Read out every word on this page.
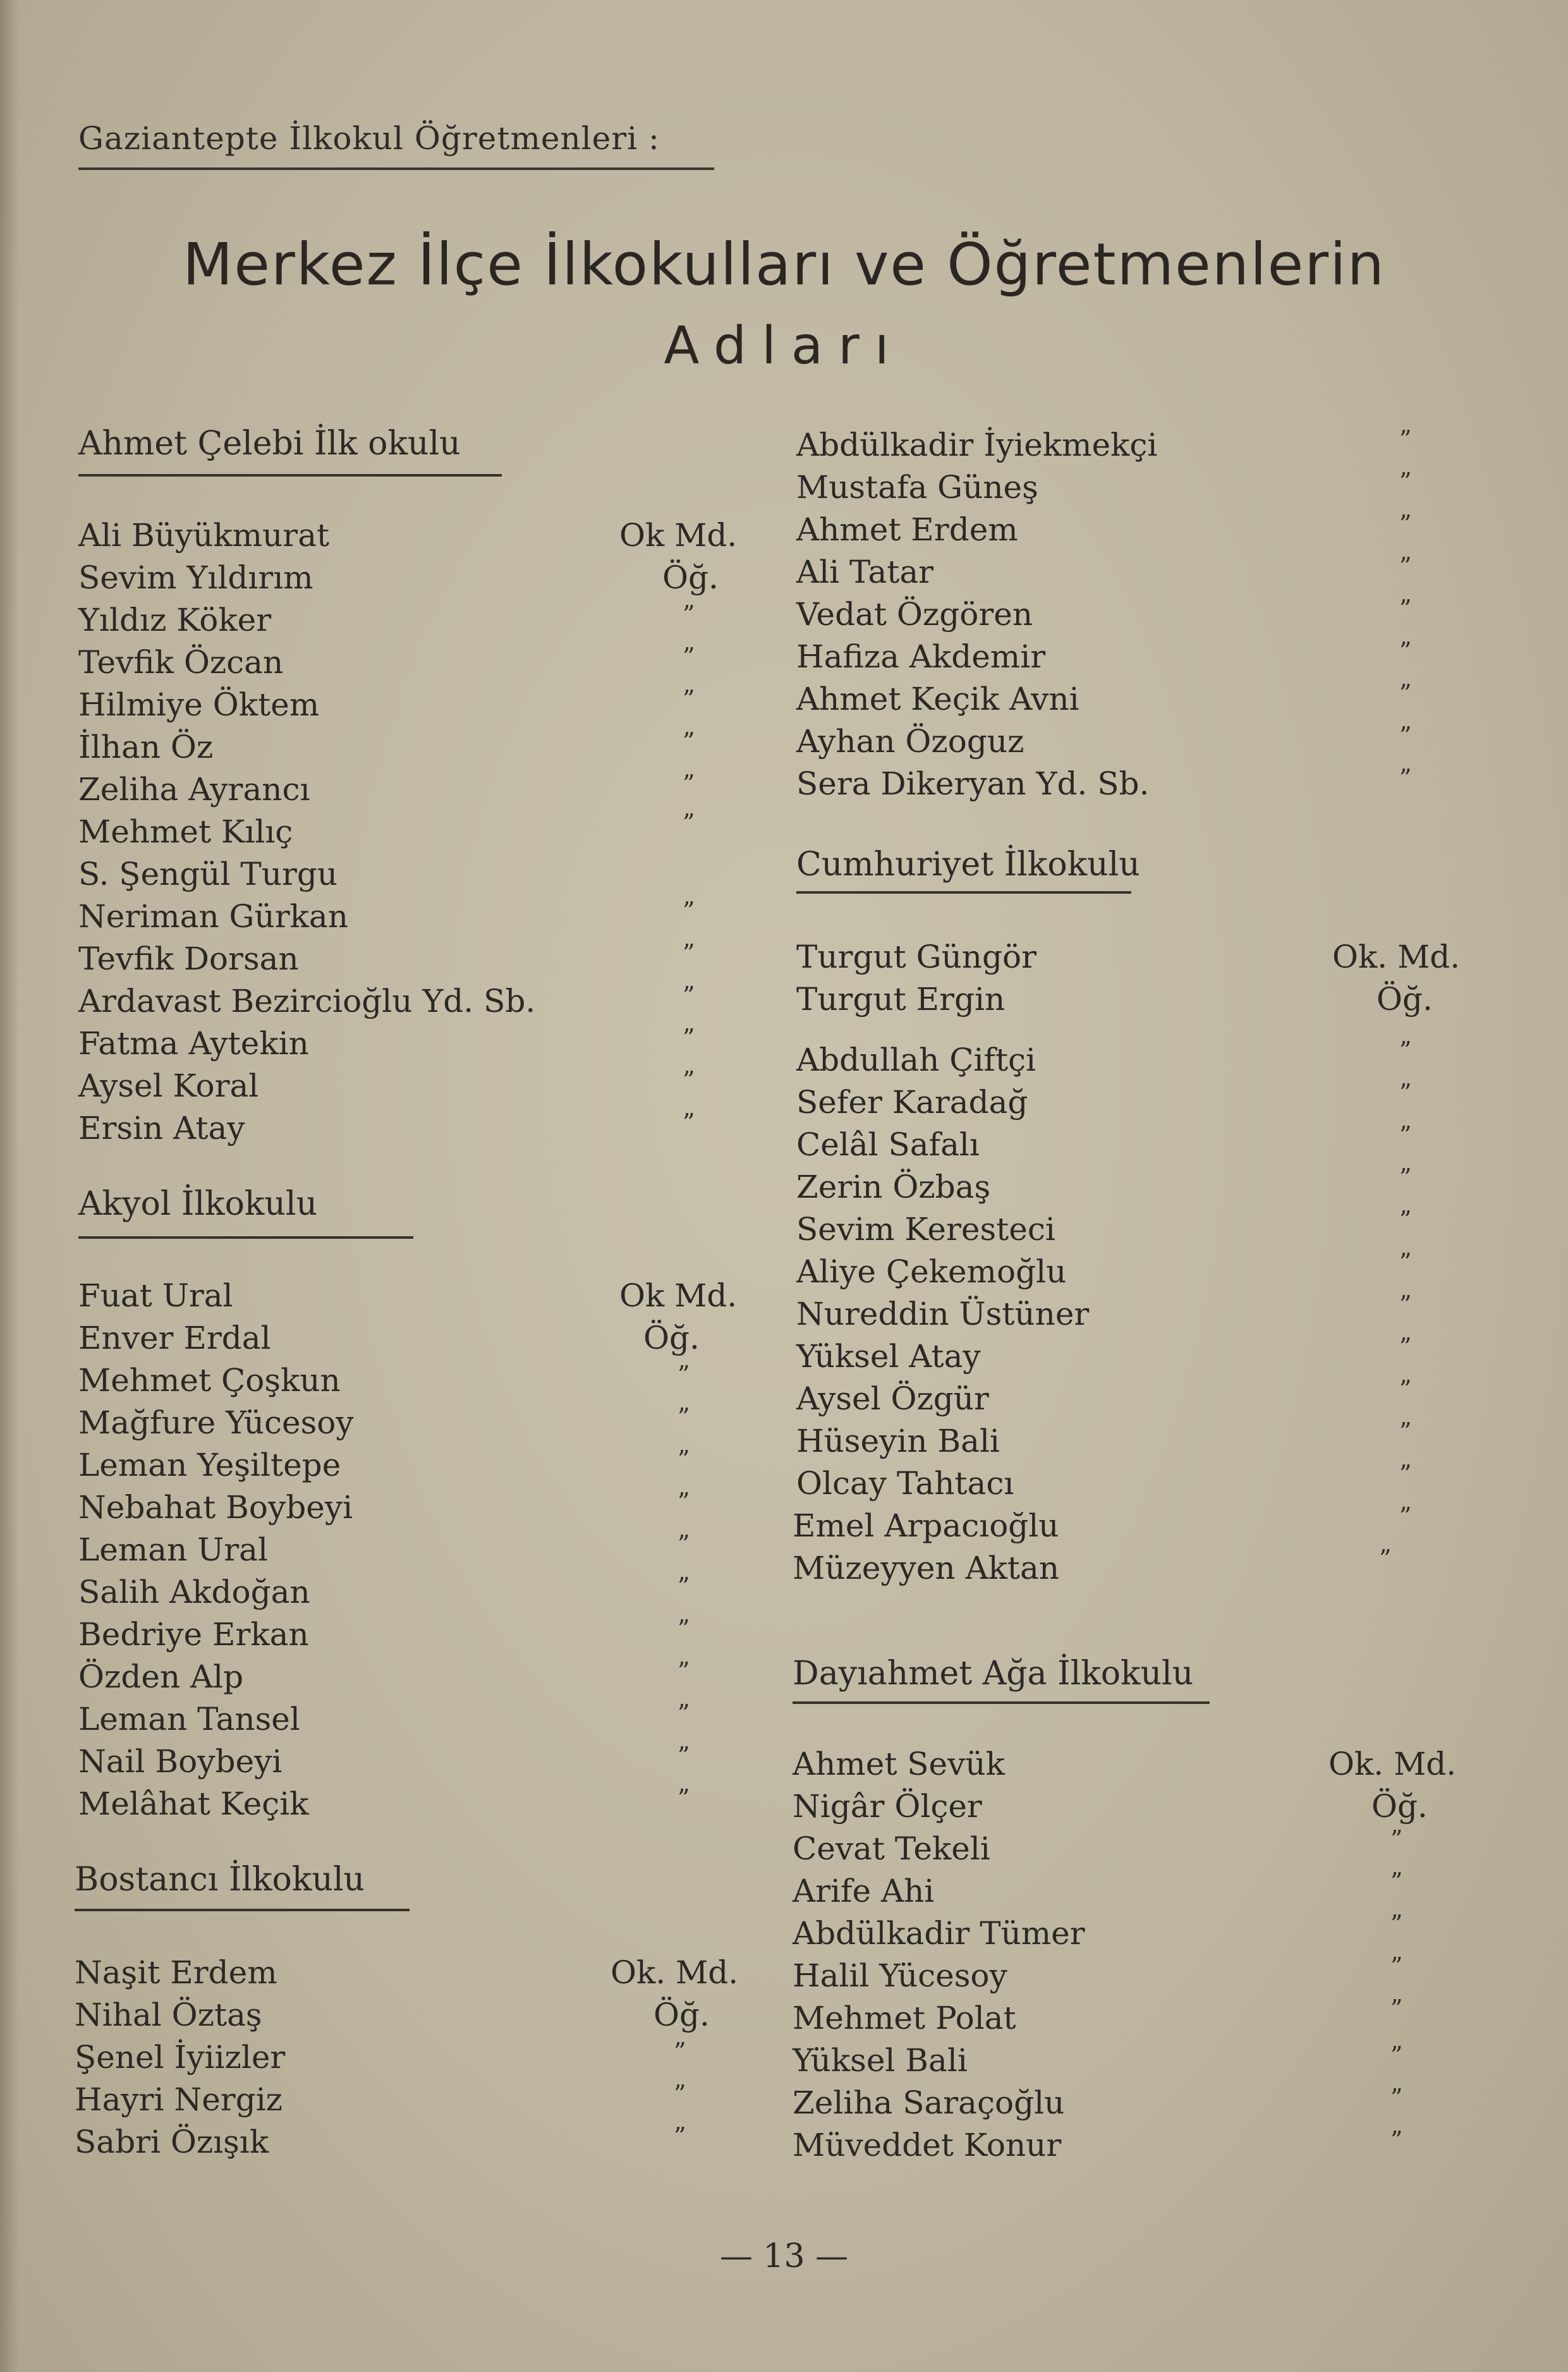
Gaziantepte İlkokul Öğretmenleri :
Merkez İlçe İlkokulları ve Öğretmenlerin
Adları
Ahmet Çelebi İlk okulu
Ali Büyükmurat	Ok Md.
Sevim Yıldırım	Öğ.
Yıldız Köker	”
Tevfik Özcan	”
Hilmiye Öktem	”
İlhan Öz	”
Zeliha Ayrancı	”
Mehmet Kılıç	”
S. Şengül Turgu
Neriman Gürkan	”
Tevfik Dorsan	”
Ardavast Bezircioğlu Yd. Sb.	”
Fatma Aytekin	”
Aysel Koral	”
Ersin Atay	”
Akyol İlkokulu
Fuat Ural	Ok Md.
Enver Erdal	Öğ.
Mehmet Çoşkun	”
Mağfure Yücesoy	”
Leman Yeşiltepe	”
Nebahat Boybeyi	”
Leman Ural	”
Salih Akdoğan	”
Bedriye Erkan	”
Özden Alp	”
Leman Tansel	”
Nail Boybeyi	”
Melâhat Keçik	”
Bostancı İlkokulu
Naşit Erdem	Ok. Md.
Nihal Öztaş	Öğ.
Şenel İyiizler	”
Hayri Nergiz	”
Sabri Özışık	”
Abdülkadir İyiekmekçi	”
Mustafa Güneş	”
Ahmet Erdem	”
Ali Tatar	”
Vedat Özgören	”
Hafiza Akdemir	”
Ahmet Keçik Avni	”
Ayhan Özoguz	”
Sera Dikeryan Yd. Sb.	”
Cumhuriyet İlkokulu
Turgut Güngör	Ok. Md.
Turgut Ergin	Öğ.
Abdullah Çiftçi	”
Sefer Karadağ	”
Celâl Safalı	”
Zerin Özbaş	”
Sevim Keresteci	”
Aliye Çekemoğlu	”
Nureddin Üstüner	”
Yüksel Atay	”
Aysel Özgür	”
Hüseyin Bali	”
Olcay Tahtacı	”
Emel Arpacıoğlu	”
Müzeyyen Aktan	”
Dayıahmet Ağa İlkokulu
Ahmet Sevük	Ok. Md.
Nigâr Ölçer	Öğ.
Cevat Tekeli	”
Arife Ahi	”
Abdülkadir Tümer	”
Halil Yücesoy	”
Mehmet Polat	”
Yüksel Bali	”
Zeliha Saraçoğlu	”
Müveddet Konur	”
— 13 —
